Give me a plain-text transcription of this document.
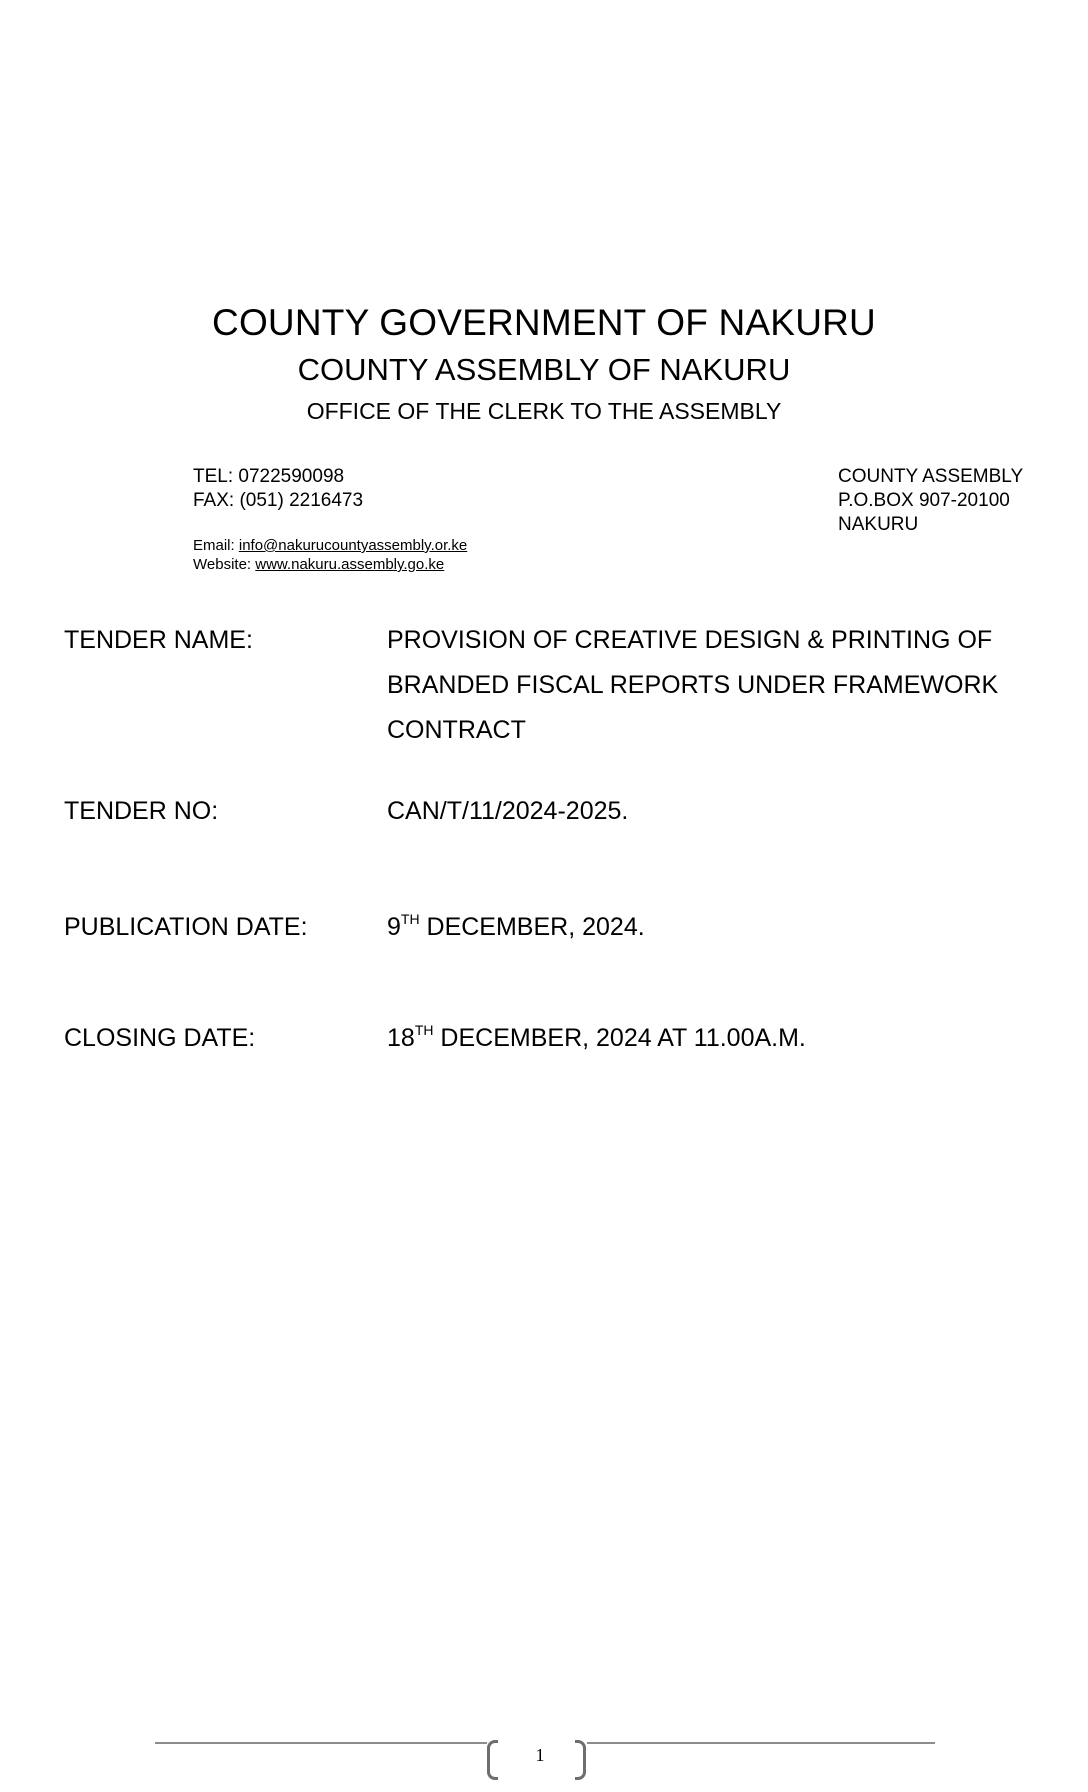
COUNTY GOVERNMENT OF NAKURU
COUNTY ASSEMBLY OF NAKURU
OFFICE OF THE CLERK TO THE ASSEMBLY
TEL: 0722590098
FAX: (051) 2216473
Email: info@nakurucountyassembly.or.ke
Website: www.nakuru.assembly.go.ke
COUNTY ASSEMBLY
P.O.BOX 907-20100
NAKURU
TENDER NAME:	PROVISION OF CREATIVE DESIGN & PRINTING OF
BRANDED FISCAL REPORTS UNDER FRAMEWORK
CONTRACT
TENDER NO:	CAN/T/11/2024-2025.
PUBLICATION DATE:	9TH DECEMBER, 2024.
CLOSING DATE:	18TH DECEMBER, 2024 AT 11.00A.M.
1
